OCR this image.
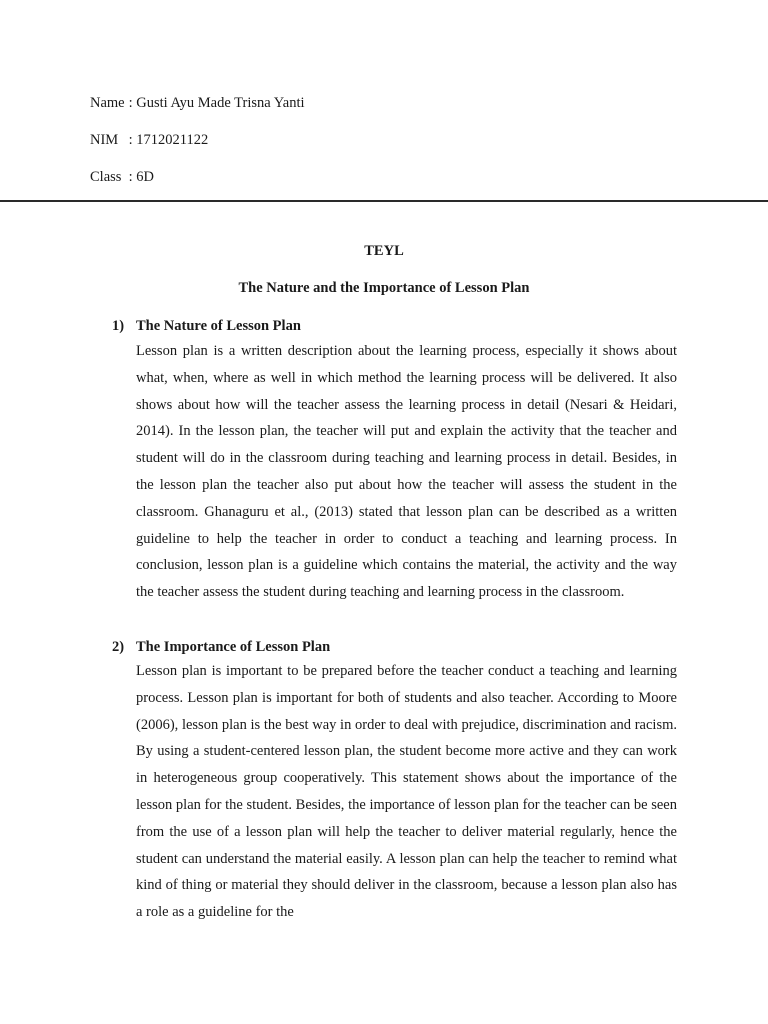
Name : Gusti Ayu Made Trisna Yanti
NIM : 1712021122
Class : 6D
TEYL
The Nature and the Importance of Lesson Plan
1) The Nature of Lesson Plan

Lesson plan is a written description about the learning process, especially it shows about what, when, where as well in which method the learning process will be delivered. It also shows about how will the teacher assess the learning process in detail (Nesari & Heidari, 2014). In the lesson plan, the teacher will put and explain the activity that the teacher and student will do in the classroom during teaching and learning process in detail. Besides, in the lesson plan the teacher also put about how the teacher will assess the student in the classroom. Ghanaguru et al., (2013) stated that lesson plan can be described as a written guideline to help the teacher in order to conduct a teaching and learning process. In conclusion, lesson plan is a guideline which contains the material, the activity and the way the teacher assess the student during teaching and learning process in the classroom.

2) The Importance of Lesson Plan

Lesson plan is important to be prepared before the teacher conduct a teaching and learning process. Lesson plan is important for both of students and also teacher. According to Moore (2006), lesson plan is the best way in order to deal with prejudice, discrimination and racism. By using a student-centered lesson plan, the student become more active and they can work in heterogeneous group cooperatively. This statement shows about the importance of the lesson plan for the student. Besides, the importance of lesson plan for the teacher can be seen from the use of a lesson plan will help the teacher to deliver material regularly, hence the student can understand the material easily. A lesson plan can help the teacher to remind what kind of thing or material they should deliver in the classroom, because a lesson plan also has a role as a guideline for the
